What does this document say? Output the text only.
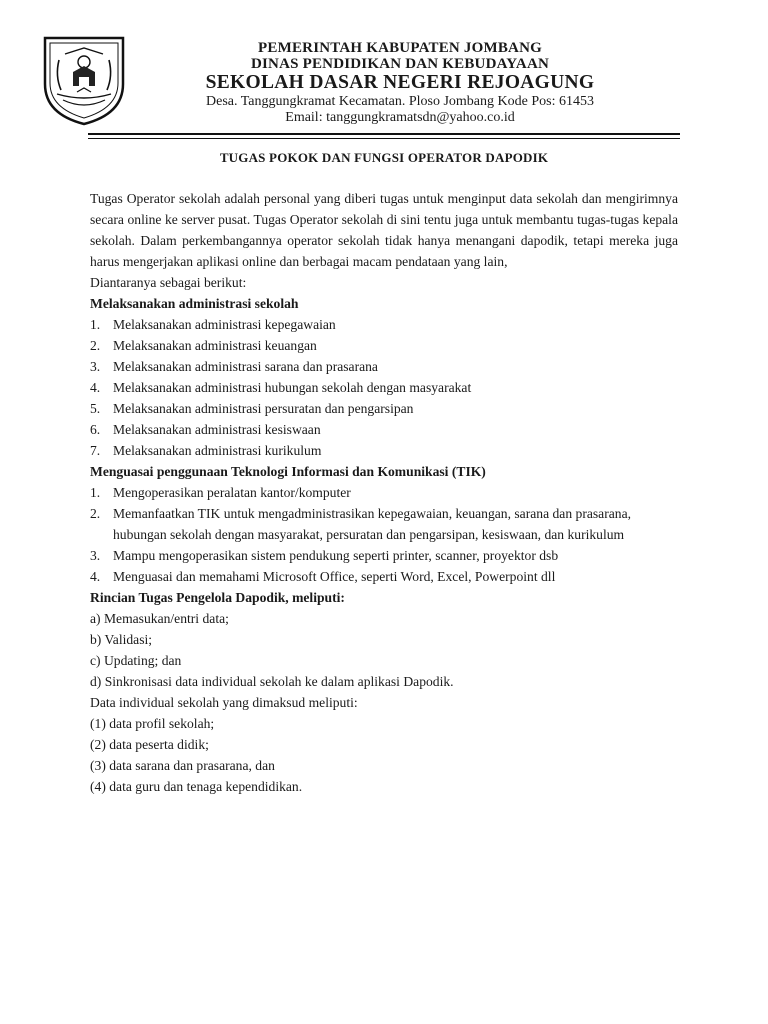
PEMERINTAH KABUPATEN JOMBANG
DINAS PENDIDIKAN DAN KEBUDAYAAN
SEKOLAH DASAR NEGERI REJOAGUNG
Desa. Tanggungkramat Kecamatan. Ploso Jombang Kode Pos: 61453
Email: tanggungkramatsdn@yahoo.co.id
TUGAS POKOK DAN FUNGSI OPERATOR DAPODIK

Tugas Operator sekolah adalah personal yang diberi tugas untuk menginput data sekolah dan mengirimnya secara online ke server pusat. Tugas Operator sekolah di sini tentu juga untuk membantu tugas-tugas kepala sekolah. Dalam perkembangannya operator sekolah tidak hanya menangani dapodik, tetapi mereka juga harus mengerjakan aplikasi online dan berbagai macam pendataan yang lain,

Diantaranya sebagai berikut:

Melaksanakan administrasi sekolah

1. Melaksanakan administrasi kepegawaian
2. Melaksanakan administrasi keuangan
3. Melaksanakan administrasi sarana dan prasarana
4. Melaksanakan administrasi hubungan sekolah dengan masyarakat
5. Melaksanakan administrasi persuratan dan pengarsipan
6. Melaksanakan administrasi kesiswaan
7. Melaksanakan administrasi kurikulum

Menguasai penggunaan Teknologi Informasi dan Komunikasi (TIK)

1. Mengoperasikan peralatan kantor/komputer
2. Memanfaatkan TIK untuk mengadministrasikan kepegawaian, keuangan, sarana dan prasarana, hubungan sekolah dengan masyarakat, persuratan dan pengarsipan, kesiswaan, dan kurikulum
3. Mampu mengoperasikan sistem pendukung seperti printer, scanner, proyektor dsb
4. Menguasai dan memahami Microsoft Office, seperti Word, Excel, Powerpoint dll

Rincian Tugas Pengelola Dapodik, meliputi:

a) Memasukan/entri data;

b) Validasi;

c) Updating; dan

d) Sinkronisasi data individual sekolah ke dalam aplikasi Dapodik.

Data individual sekolah yang dimaksud meliputi:

(1) data profil sekolah;

(2) data peserta didik;

(3) data sarana dan prasarana, dan

(4) data guru dan tenaga kependidikan.
